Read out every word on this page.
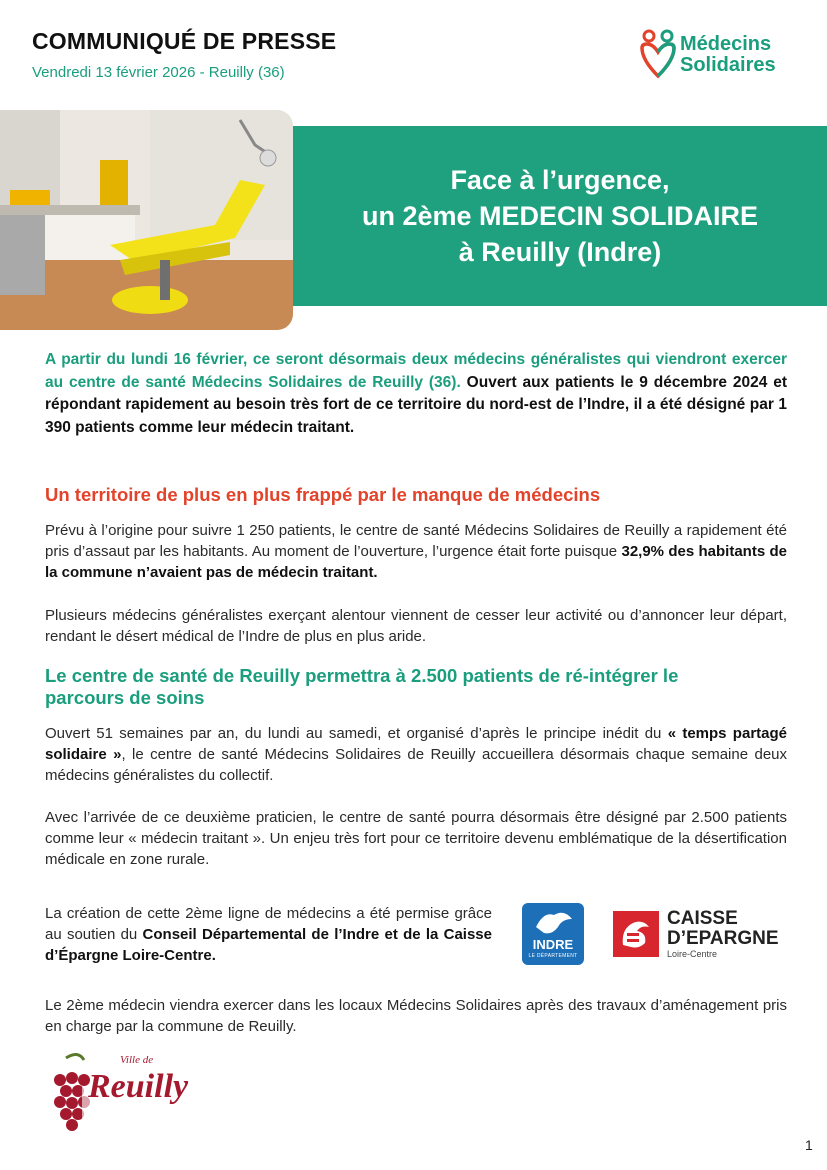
COMMUNIQUÉ DE PRESSE
Vendredi 13 février 2026 - Reuilly (36)
Médecins
Solidaires
Face à l’urgence,
un 2ème MEDECIN SOLIDAIRE
à Reuilly (Indre)
A partir du lundi 16 février, ce seront désormais deux médecins généralistes qui viendront exercer au centre de santé Médecins Solidaires de Reuilly (36). Ouvert aux patients le 9 décembre 2024 et répondant rapidement au besoin très fort de ce territoire du nord-est de l’Indre, il a été désigné par 1 390 patients comme leur médecin traitant.
Un territoire de plus en plus frappé par le manque de médecins
Prévu à l’origine pour suivre 1 250 patients, le centre de santé Médecins Solidaires de Reuilly a rapidement été pris d’assaut par les habitants. Au moment de l’ouverture, l’urgence était forte puisque 32,9% des habitants de la commune n’avaient pas de médecin traitant.
Plusieurs médecins généralistes exerçant alentour viennent de cesser leur activité ou d’annoncer leur départ, rendant le désert médical de l’Indre de plus en plus aride.
Le centre de santé de Reuilly permettra à 2.500 patients de ré-intégrer le parcours de soins
Ouvert 51 semaines par an, du lundi au samedi, et organisé d’après le principe inédit du « temps partagé solidaire », le centre de santé Médecins Solidaires de Reuilly accueillera désormais chaque semaine deux médecins généralistes du collectif.
Avec l’arrivée de ce deuxième praticien, le centre de santé pourra désormais être désigné par 2.500 patients comme leur « médecin traitant ». Un enjeu très fort pour ce territoire devenu emblématique de la désertification médicale en zone rurale.
La création de cette 2ème ligne de médecins a été permise grâce au soutien du Conseil Départemental de l’Indre et de la Caisse d’Épargne Loire-Centre.
INDRE
LE DÉPARTEMENT
CAISSE
D’EPARGNE
Loire-Centre
Le 2ème médecin viendra exercer dans les locaux Médecins Solidaires après des travaux d’aménagement pris en charge par la commune de Reuilly.
Ville de
Reuilly
1
